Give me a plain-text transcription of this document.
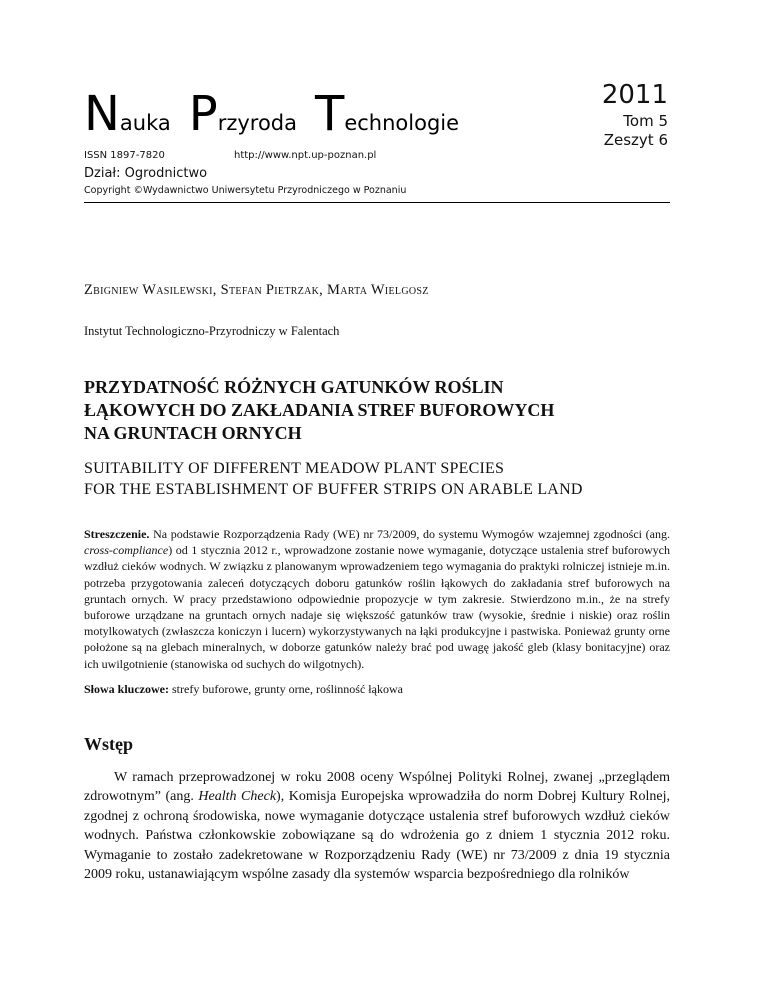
Nauka Przyroda Technologie
2011
Tom 5
Zeszyt 6
ISSN 1897-7820	http://www.npt.up-poznan.pl
Dział: Ogrodnictwo
Copyright ©Wydawnictwo Uniwersytetu Przyrodniczego w Poznaniu
Zbigniew Wasilewski, Stefan Pietrzak, Marta Wielgosz
Instytut Technologiczno-Przyrodniczy w Falentach
PRZYDATNOŚĆ RÓŻNYCH GATUNKÓW ROŚLIN
ŁĄKOWYCH DO ZAKŁADANIA STREF BUFOROWYCH
NA GRUNTACH ORNYCH
SUITABILITY OF DIFFERENT MEADOW PLANT SPECIES
FOR THE ESTABLISHMENT OF BUFFER STRIPS ON ARABLE LAND
Streszczenie. Na podstawie Rozporządzenia Rady (WE) nr 73/2009, do systemu Wymogów wzajemnej zgodności (ang. cross-compliance) od 1 stycznia 2012 r., wprowadzone zostanie nowe wymaganie, dotyczące ustalenia stref buforowych wzdłuż cieków wodnych. W związku z planowanym wprowadzeniem tego wymagania do praktyki rolniczej istnieje m.in. potrzeba przygotowania zaleceń dotyczących doboru gatunków roślin łąkowych do zakładania stref buforowych na gruntach ornych. W pracy przedstawiono odpowiednie propozycje w tym zakresie. Stwierdzono m.in., że na strefy buforowe urządzane na gruntach ornych nadaje się większość gatunków traw (wysokie, średnie i niskie) oraz roślin motylkowatych (zwłaszcza koniczyn i lucern) wykorzystywanych na łąki produkcyjne i pastwiska. Ponieważ grunty orne położone są na glebach mineralnych, w doborze gatunków należy brać pod uwagę jakość gleb (klasy bonitacyjne) oraz ich uwilgotnienie (stanowiska od suchych do wilgotnych).
Słowa kluczowe: strefy buforowe, grunty orne, roślinność łąkowa
Wstęp
W ramach przeprowadzonej w roku 2008 oceny Wspólnej Polityki Rolnej, zwanej „przeglądem zdrowotnym” (ang. Health Check), Komisja Europejska wprowadziła do norm Dobrej Kultury Rolnej, zgodnej z ochroną środowiska, nowe wymaganie dotyczące ustalenia stref buforowych wzdłuż cieków wodnych. Państwa członkowskie zobowiązane są do wdrożenia go z dniem 1 stycznia 2012 roku. Wymaganie to zostało zadekretowane w Rozporządzeniu Rady (WE) nr 73/2009 z dnia 19 stycznia 2009 roku, ustanawiającym wspólne zasady dla systemów wsparcia bezpośredniego dla rolników
